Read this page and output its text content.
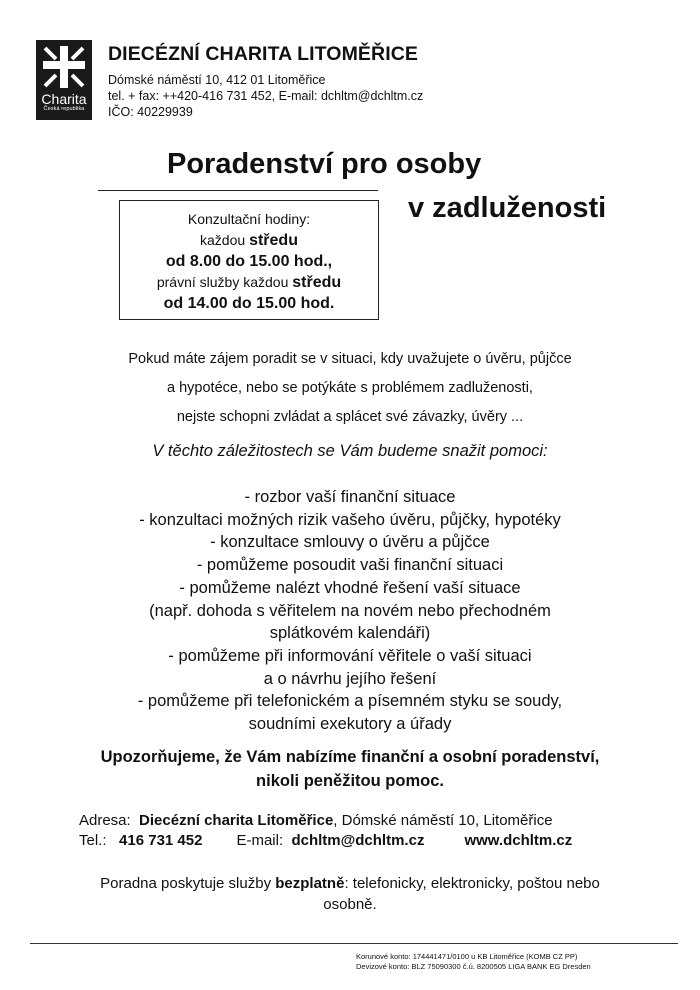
Charita
Česká republika
DIECÉZNÍ CHARITA LITOMĚŘICE
Dómské náměstí 10, 412 01 Litoměřice
tel. + fax: ++420-416 731 452, E-mail: dchltm@dchltm.cz
IČO: 40229939
Poradenství pro osoby
v zadluženosti
Konzultační hodiny:
každou středu
od 8.00 do 15.00 hod.,
právní služby každou středu
od 14.00 do 15.00 hod.
Pokud máte zájem poradit se v situaci, kdy uvažujete o úvěru, půjčce
a hypotéce, nebo se potýkáte s problémem zadluženosti,
nejste schopni zvládat a splácet své závazky, úvěry ...
V těchto záležitostech se Vám budeme snažit pomoci:
- rozbor vaší finanční situace
- konzultaci možných rizik vašeho úvěru, půjčky, hypotéky
- konzultace smlouvy o úvěru a půjčce
- pomůžeme posoudit vaši finanční situaci
- pomůžeme nalézt vhodné řešení vaší situace
(např. dohoda s věřitelem na novém nebo přechodném
splátkovém kalendáři)
- pomůžeme při informování věřitele o vaší situaci
a o návrhu jejího řešení
- pomůžeme při telefonickém a písemném styku se soudy,
soudními exekutory a úřady
Upozorňujeme, že Vám nabízíme finanční a osobní poradenství,
nikoli peněžitou pomoc.
Adresa: Diecézní charita Litoměřice, Dómské náměstí 10, Litoměřice
Tel.: 416 731 452 E-mail: dchltm@dchltm.cz	www.dchltm.cz
Poradna poskytuje služby bezplatně: telefonicky, elektronicky, poštou nebo
osobně.
Korunové konto: 174441471/0100 u KB Litoměřice (KOMB CZ PP)
Devizové konto: BLZ 75090300 č.ú. 8200505 LIGA BANK EG Dresden
